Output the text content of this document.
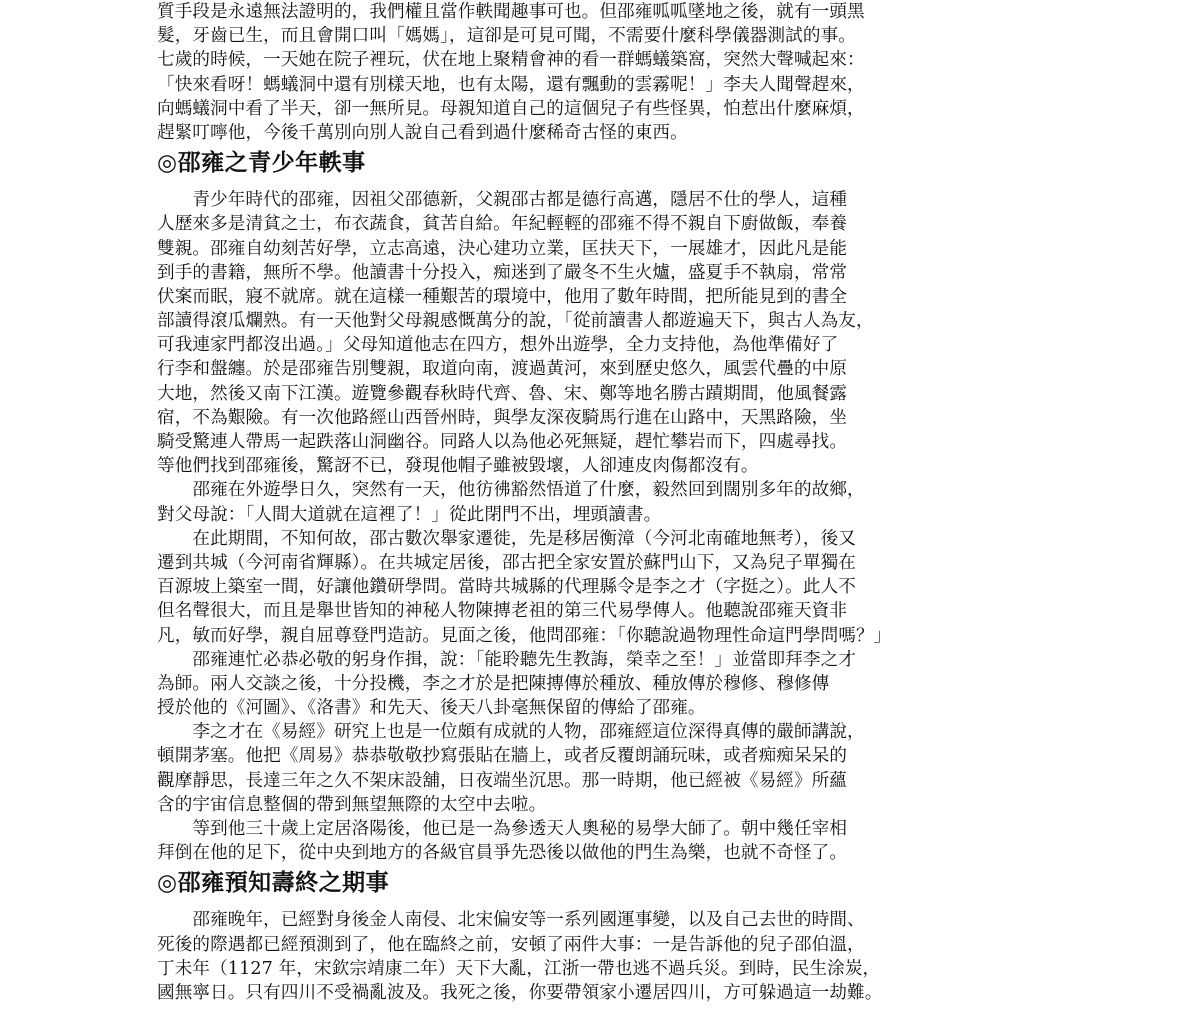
質手段是永遠無法證明的，我們權且當作軼聞趣事可也。但邵雍呱呱墜地之後，就有一頭黑
髮，牙齒已生，而且會開口叫「媽媽」，這卻是可見可聞，不需要什麼科學儀器測試的事。
七歲的時候，一天她在院子裡玩，伏在地上聚精會神的看一群螞蟻築窩，突然大聲喊起來：
「快來看呀！螞蟻洞中還有別樣天地，也有太陽，還有飄動的雲霧呢！」李夫人聞聲趕來，
向螞蟻洞中看了半天，卻一無所見。母親知道自己的這個兒子有些怪異，怕惹出什麼麻煩，
趕緊叮嚀他，今後千萬別向別人說自己看到過什麼稀奇古怪的東西。
◎邵雍之青少年軼事
　　青少年時代的邵雍，因祖父邵德新，父親邵古都是德行高邁，隱居不仕的學人，這種
人歷來多是清貧之士，布衣蔬食，貧苦自給。年紀輕輕的邵雍不得不親自下廚做飯，奉養
雙親。邵雍自幼刻苦好學，立志高遠，決心建功立業，匡扶天下，一展雄才，因此凡是能
到手的書籍，無所不學。他讀書十分投入，痴迷到了嚴冬不生火爐，盛夏手不執扇，常常
伏案而眠，寢不就席。就在這樣一種艱苦的環境中，他用了數年時間，把所能見到的書全
部讀得滾瓜爛熟。有一天他對父母親感慨萬分的說，「從前讀書人都遊遍天下，與古人為友，
可我連家門都沒出過。」父母知道他志在四方，想外出遊學，全力支持他，為他準備好了
行李和盤纏。於是邵雍告別雙親，取道向南，渡過黃河，來到歷史悠久，風雲代疊的中原
大地，然後又南下江漢。遊覽參觀春秋時代齊、魯、宋、鄭等地名勝古蹟期間，他風餐露
宿，不為艱險。有一次他路經山西晉州時，與學友深夜騎馬行進在山路中，天黑路險，坐
騎受驚連人帶馬一起跌落山洞幽谷。同路人以為他必死無疑，趕忙攀岩而下，四處尋找。
等他們找到邵雍後，驚訝不已，發現他帽子雖被毀壞，人卻連皮肉傷都沒有。
　　邵雍在外遊學日久，突然有一天，他彷彿豁然悟道了什麼，毅然回到闊別多年的故鄉，
對父母說：「人間大道就在這裡了！」從此閉門不出，埋頭讀書。
　　在此期間，不知何故，邵古數次舉家遷徙，先是移居衡漳（今河北南確地無考），後又
遷到共城（今河南省輝縣）。在共城定居後，邵古把全家安置於蘇門山下，又為兒子單獨在
百源坡上築室一間，好讓他鑽研學問。當時共城縣的代理縣令是李之才（字挺之）。此人不
但名聲很大，而且是舉世皆知的神秘人物陳摶老祖的第三代易學傳人。他聽說邵雍天資非
凡，敏而好學，親自屈尊登門造訪。見面之後，他問邵雍：「你聽說過物理性命這門學問嗎？」
　　邵雍連忙必恭必敬的躬身作揖，說：「能聆聽先生教誨，榮幸之至！」並當即拜李之才
為師。兩人交談之後，十分投機，李之才於是把陳摶傳於種放、種放傳於穆修、穆修傳
授於他的《河圖》、《洛書》和先天、後天八卦毫無保留的傳給了邵雍。
　　李之才在《易經》研究上也是一位頗有成就的人物，邵雍經這位深得真傳的嚴師講說，
頓開茅塞。他把《周易》恭恭敬敬抄寫張貼在牆上，或者反覆朗誦玩味，或者痴痴呆呆的
觀摩靜思，長達三年之久不架床設舖，日夜端坐沉思。那一時期，他已經被《易經》所蘊
含的宇宙信息整個的帶到無望無際的太空中去啦。
　　等到他三十歲上定居洛陽後，他已是一為參透天人奧秘的易學大師了。朝中幾任宰相
拜倒在他的足下，從中央到地方的各級官員爭先恐後以做他的門生為樂，也就不奇怪了。
◎邵雍預知壽終之期事
　　邵雍晚年，已經對身後金人南侵、北宋偏安等一系列國運事變，以及自己去世的時間、
死後的際遇都已經預測到了，他在臨終之前，安頓了兩件大事：一是告訴他的兒子邵伯溫，
丁未年（1127 年，宋欽宗靖康二年）天下大亂，江浙一帶也逃不過兵災。到時，民生涂炭，
國無寧日。只有四川不受禍亂波及。我死之後，你要帶領家小遷居四川，方可躲過這一劫難。
